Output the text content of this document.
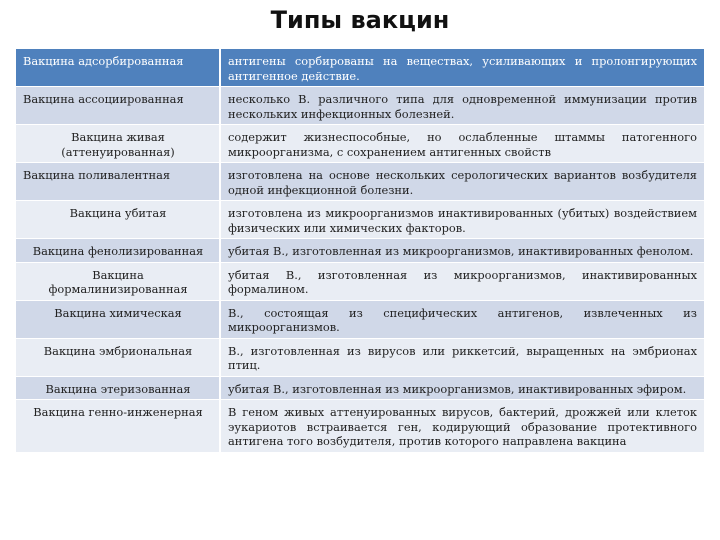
Типы вакцин
Вакцина адсорбированная	антигены сорбированы на веществах, усиливающих и пролонгирующих антигенное действие.
Вакцина ассоциированная	несколько В. различного типа для одновременной иммунизации против нескольких инфекционных болезней.
Вакцина живая (аттенуированная)	содержит жизнеспособные, но ослабленные штаммы патогенного микроорганизма, с сохранением антигенных свойств
Вакцина поливалентная	изготовлена на основе нескольких серологических вариантов возбудителя одной инфекционной болезни.
Вакцина убитая	изготовлена из микроорганизмов инактивированных (убитых) воздействием физических или химических факторов.
Вакцина фенолизированная	убитая В., изготовленная из микроорганизмов, инактивированных фенолом.
Вакцина формалинизированная	убитая В., изготовленная из микроорганизмов, инактивированных формалином.
Вакцина химическая	В., состоящая из специфических антигенов, извлеченных из микроорганизмов.
Вакцина эмбриональная	В., изготовленная из вирусов или риккетсий, выращенных на эмбрионах птиц.
Вакцина этеризованная	убитая В., изготовленная из микроорганизмов, инактивированных эфиром.
Вакцина генно-инженерная	В геном живых аттенуированных вирусов, бактерий, дрожжей или клеток эукариотов встраивается ген, кодирующий образование протективного антигена того возбудителя, против которого направлена вакцина
